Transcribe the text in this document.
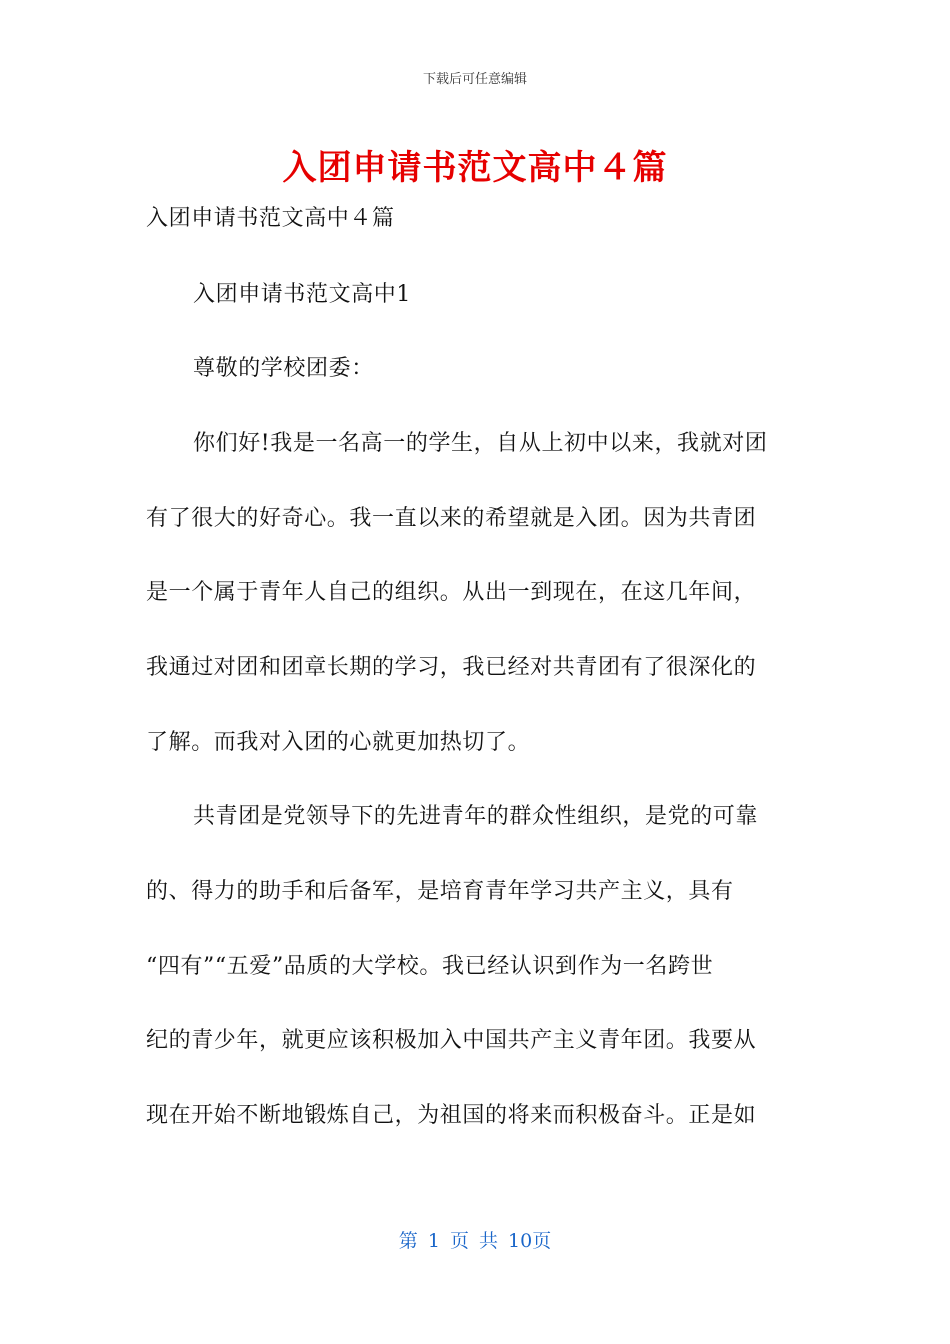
下载后可任意编辑
入团申请书范文高中４篇
入团申请书范文高中４篇
入团申请书范文高中1
尊敬的学校团委：
你们好!我是一名高一的学生，自从上初中以来，我就对团
有了很大的好奇心。我一直以来的希望就是入团。因为共青团
是一个属于青年人自己的组织。从出一到现在，在这几年间，
我通过对团和团章长期的学习，我已经对共青团有了很深化的
了解。而我对入团的心就更加热切了。
共青团是党领导下的先进青年的群众性组织，是党的可靠
的、得力的助手和后备军，是培育青年学习共产主义，具有
“四有”“五爱”品质的大学校。我已经认识到作为一名跨世
纪的青少年，就更应该积极加入中国共产主义青年团。我要从
现在开始不断地锻炼自己，为祖国的将来而积极奋斗。正是如
第 1 页 共 10页
